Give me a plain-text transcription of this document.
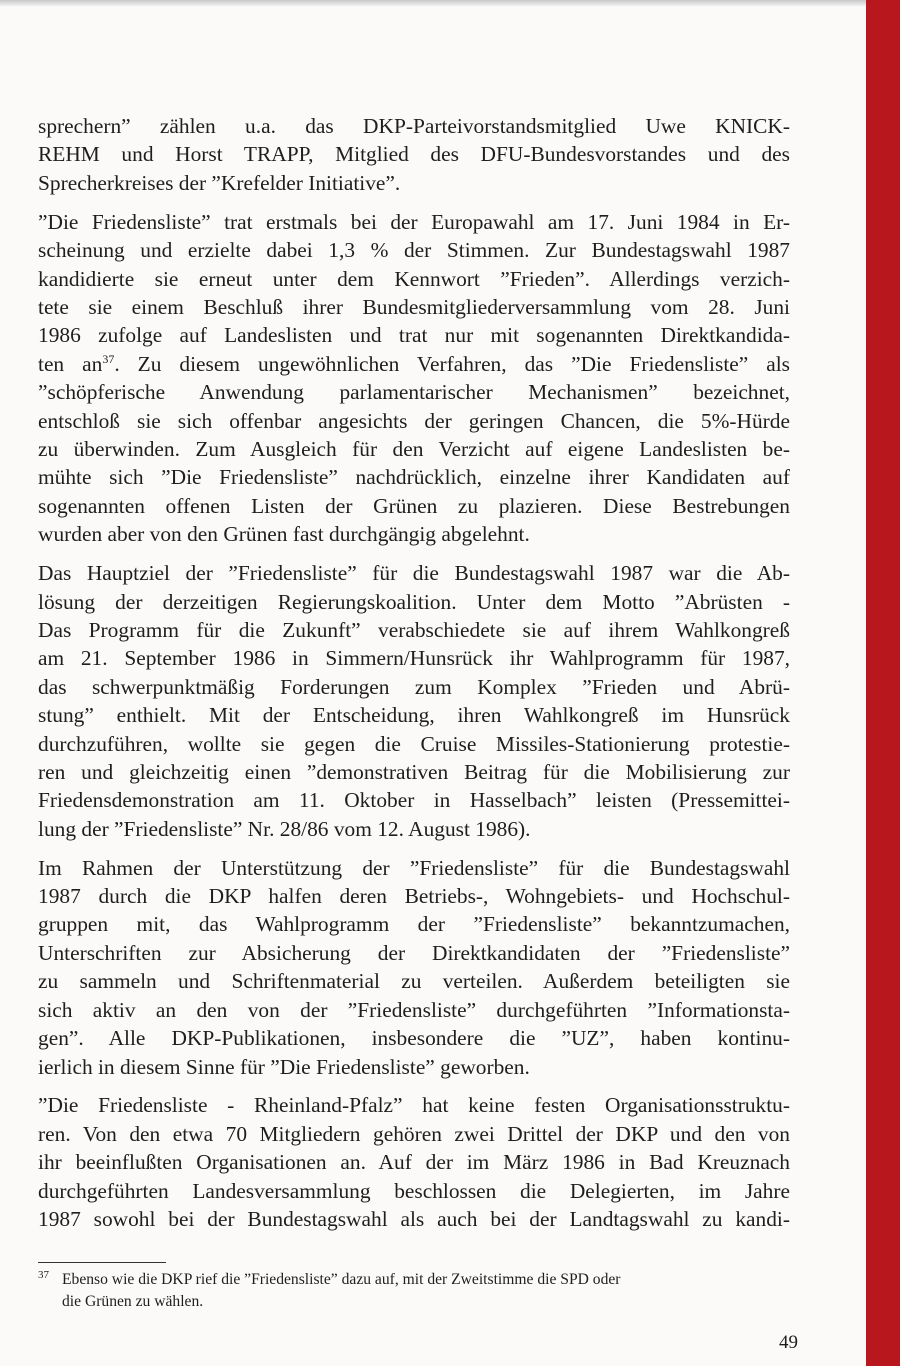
sprechern” zählen u.a. das DKP-Parteivorstandsmitglied Uwe KNICK-
REHM und Horst TRAPP, Mitglied des DFU-Bundesvorstandes und des
Sprecherkreises der ”Krefelder Initiative”.

”Die Friedensliste” trat erstmals bei der Europawahl am 17. Juni 1984 in Er-
scheinung und erzielte dabei 1,3 % der Stimmen. Zur Bundestagswahl 1987
kandidierte sie erneut unter dem Kennwort ”Frieden”. Allerdings verzich-
tete sie einem Beschluß ihrer Bundesmitgliederversammlung vom 28. Juni
1986 zufolge auf Landeslisten und trat nur mit sogenannten Direktkandida-
ten $an^{37}$. Zu diesem ungewöhnlichen Verfahren, das ”Die Friedensliste” als
”schöpferische Anwendung parlamentarischer Mechanismen” bezeichnet,
entschloß sie sich offenbar angesichts der geringen Chancen, die 5%-Hürde
zu überwinden. Zum Ausgleich für den Verzicht auf eigene Landeslisten be-
mühte sich ”Die Friedensliste” nachdrücklich, einzelne ihrer Kandidaten auf
sogenannten offenen Listen der Grünen zu plazieren. Diese Bestrebungen
wurden aber von den Grünen fast durchgängig abgelehnt.

Das Hauptziel der ”Friedensliste” für die Bundestagswahl 1987 war die Ab-
lösung der derzeitigen Regierungskoalition. Unter dem Motto ”Abrüsten -
Das Programm für die Zukunft” verabschiedete sie auf ihrem Wahlkongreß
am 21. September 1986 in Simmern/Hunsrück ihr Wahlprogramm für 1987,
das schwerpunktmäßig Forderungen zum Komplex ”Frieden und Abrü-
stung” enthielt. Mit der Entscheidung, ihren Wahlkongreß im Hunsrück
durchzuführen, wollte sie gegen die Cruise Missiles-Stationierung protestie-
ren und gleichzeitig einen ”demonstrativen Beitrag für die Mobilisierung zur
Friedensdemonstration am 11. Oktober in Hasselbach” leisten (Pressemittei-
lung der ”Friedensliste” Nr. 28/86 vom 12. August 1986).

Im Rahmen der Unterstützung der ”Friedensliste” für die Bundestagswahl
1987 durch die DKP halfen deren Betriebs-, Wohngebiets- und Hochschul-
gruppen mit, das Wahlprogramm der ”Friedensliste” bekanntzumachen,
Unterschriften zur Absicherung der Direktkandidaten der ”Friedensliste”
zu sammeln und Schriftenmaterial zu verteilen. Außerdem beteiligten sie
sich aktiv an den von der ”Friedensliste” durchgeführten ”Informationsta-
gen”. Alle DKP-Publikationen, insbesondere die ”UZ”, haben kontinu-
ierlich in diesem Sinne für ”Die Friedensliste” geworben.

”Die Friedensliste - Rheinland-Pfalz” hat keine festen Organisationsstruktu-
ren. Von den etwa 70 Mitgliedern gehören zwei Drittel der DKP und den von
ihr beeinflußten Organisationen an. Auf der im März 1986 in Bad Kreuznach
durchgeführten Landesversammlung beschlossen die Delegierten, im Jahre
1987 sowohl bei der Bundestagswahl als auch bei der Landtagswahl zu kandi-

37 Ebenso wie die DKP rief die ”Friedensliste” dazu auf, mit der Zweitstimme die SPD oder
die Grünen zu wählen.
49
